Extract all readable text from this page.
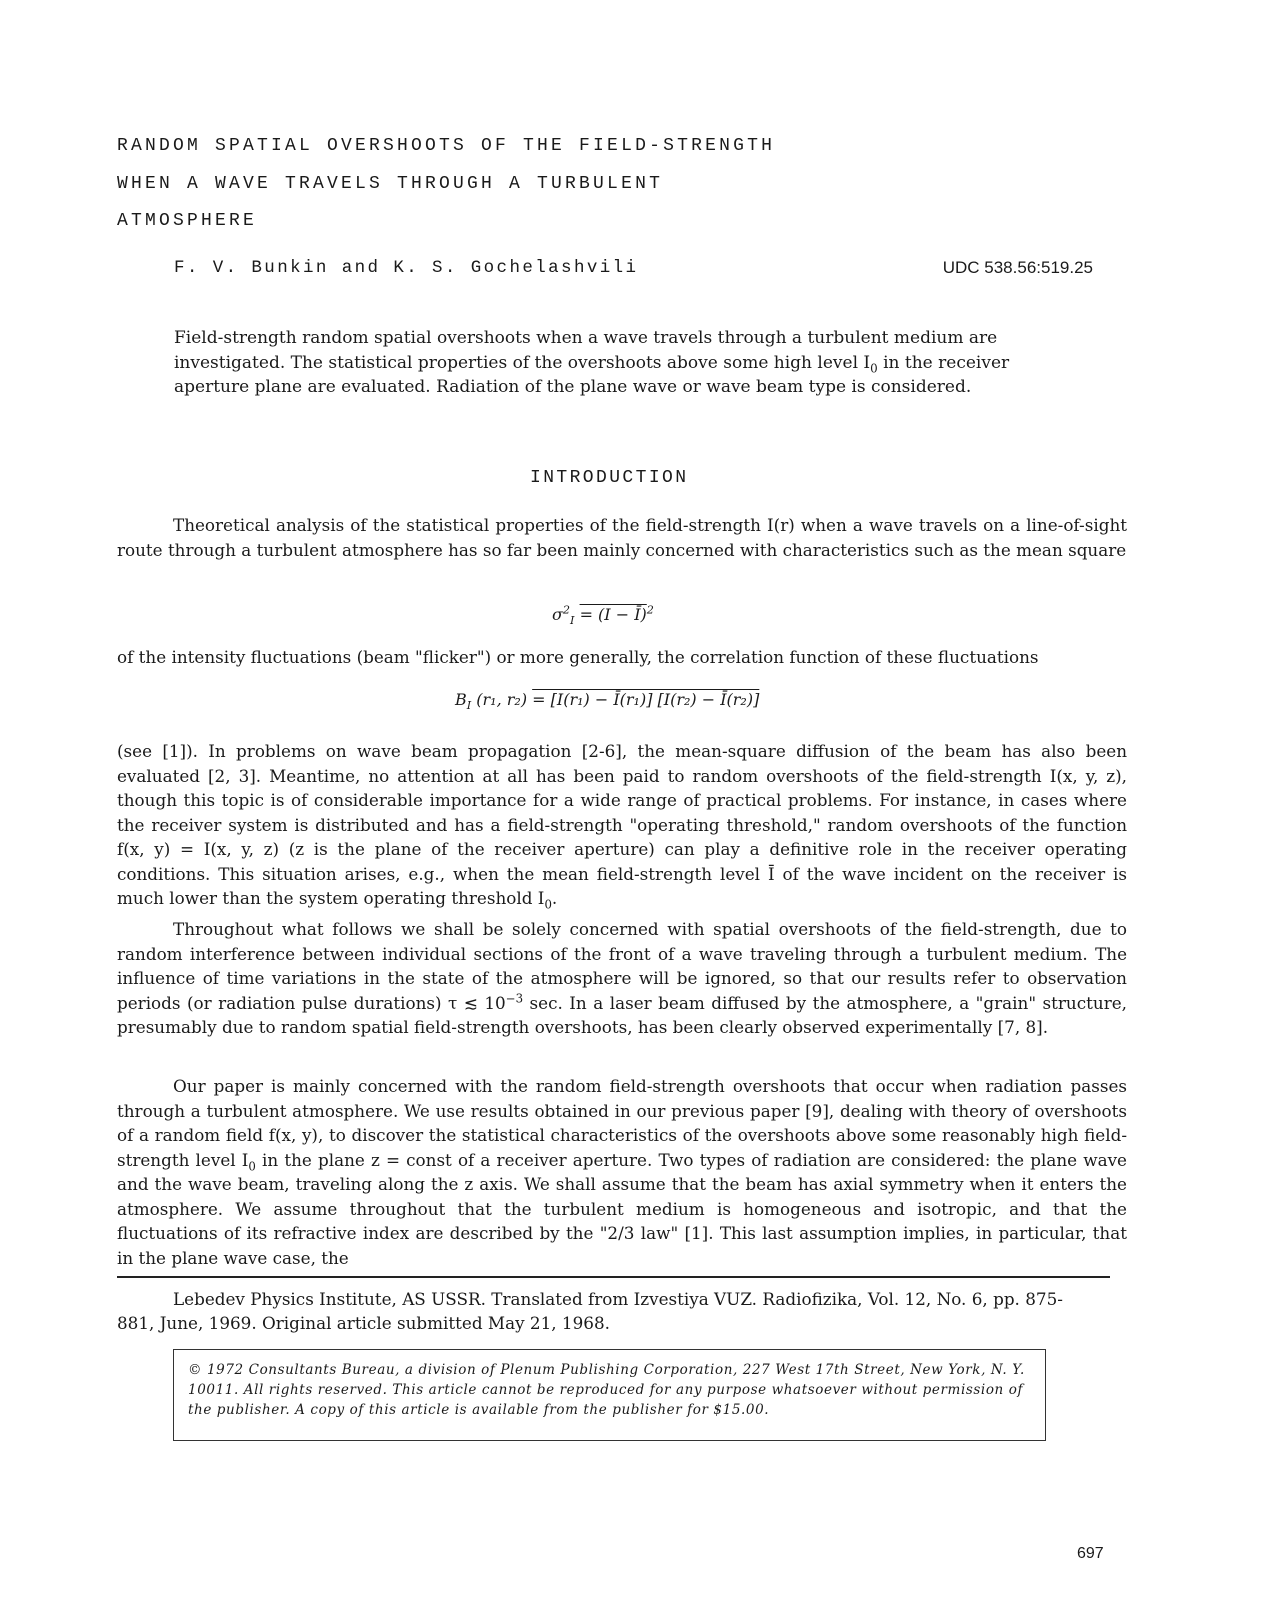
RANDOM SPATIAL OVERSHOOTS OF THE FIELD-STRENGTH
WHEN A WAVE TRAVELS THROUGH A TURBULENT
ATMOSPHERE
F. V. Bunkin and K. S. Gochelashvili	UDC 538.56:519.25
Field-strength random spatial overshoots when a wave travels through a turbulent medium are investigated. The statistical properties of the overshoots above some high level $I_0$ in the receiver aperture plane are evaluated. Radiation of the plane wave or wave beam type is considered.
INTRODUCTION
Theoretical analysis of the statistical properties of the field-strength I(r) when a wave travels on a line-of-sight route through a turbulent atmosphere has so far been mainly concerned with characteristics such as the mean square
$\sigma^2_I = (I$ − Ī)$^2$
of the intensity fluctuations (beam "flicker") or more generally, the correlation function of these fluctuations
$B_I$ (r₁, r₂) = [I(r₁) − Ī(r₁)] [I(r₂) − Ī(r₂)]
(see [1]). In problems on wave beam propagation [2-6], the mean-square diffusion of the beam has also been evaluated [2, 3]. Meantime, no attention at all has been paid to random overshoots of the field-strength I(x, y, z), though this topic is of considerable importance for a wide range of practical problems. For instance, in cases where the receiver system is distributed and has a field-strength "operating threshold," random overshoots of the function f(x, y) = I(x, y, z) (z is the plane of the receiver aperture) can play a definitive role in the receiver operating conditions. This situation arises, e.g., when the mean field-strength level Ī of the wave incident on the receiver is much lower than the system operating threshold $I_0$.
Throughout what follows we shall be solely concerned with spatial overshoots of the field-strength, due to random interference between individual sections of the front of a wave traveling through a turbulent medium. The influence of time variations in the state of the atmosphere will be ignored, so that our results refer to observation periods (or radiation pulse durations) τ ≲ $10^{-3}$ sec. In a laser beam diffused by the atmosphere, a "grain" structure, presumably due to random spatial field-strength overshoots, has been clearly observed experimentally [7, 8].
Our paper is mainly concerned with the random field-strength overshoots that occur when radiation passes through a turbulent atmosphere. We use results obtained in our previous paper [9], dealing with theory of overshoots of a random field f(x, y), to discover the statistical characteristics of the overshoots above some reasonably high field-strength level $I_0$ in the plane z = const of a receiver aperture. Two types of radiation are considered: the plane wave and the wave beam, traveling along the z axis. We shall assume that the beam has axial symmetry when it enters the atmosphere. We assume throughout that the turbulent medium is homogeneous and isotropic, and that the fluctuations of its refractive index are described by the "2/3 law" [1]. This last assumption implies, in particular, that in the plane wave case, the
Lebedev Physics Institute, AS USSR. Translated from Izvestiya VUZ. Radiofizika, Vol. 12, No. 6, pp. 875-881, June, 1969. Original article submitted May 21, 1968.
© 1972 Consultants Bureau, a division of Plenum Publishing Corporation, 227 West 17th Street, New York, N. Y. 10011. All rights reserved. This article cannot be reproduced for any purpose whatsoever without permission of the publisher. A copy of this article is available from the publisher for $15.00.
697
